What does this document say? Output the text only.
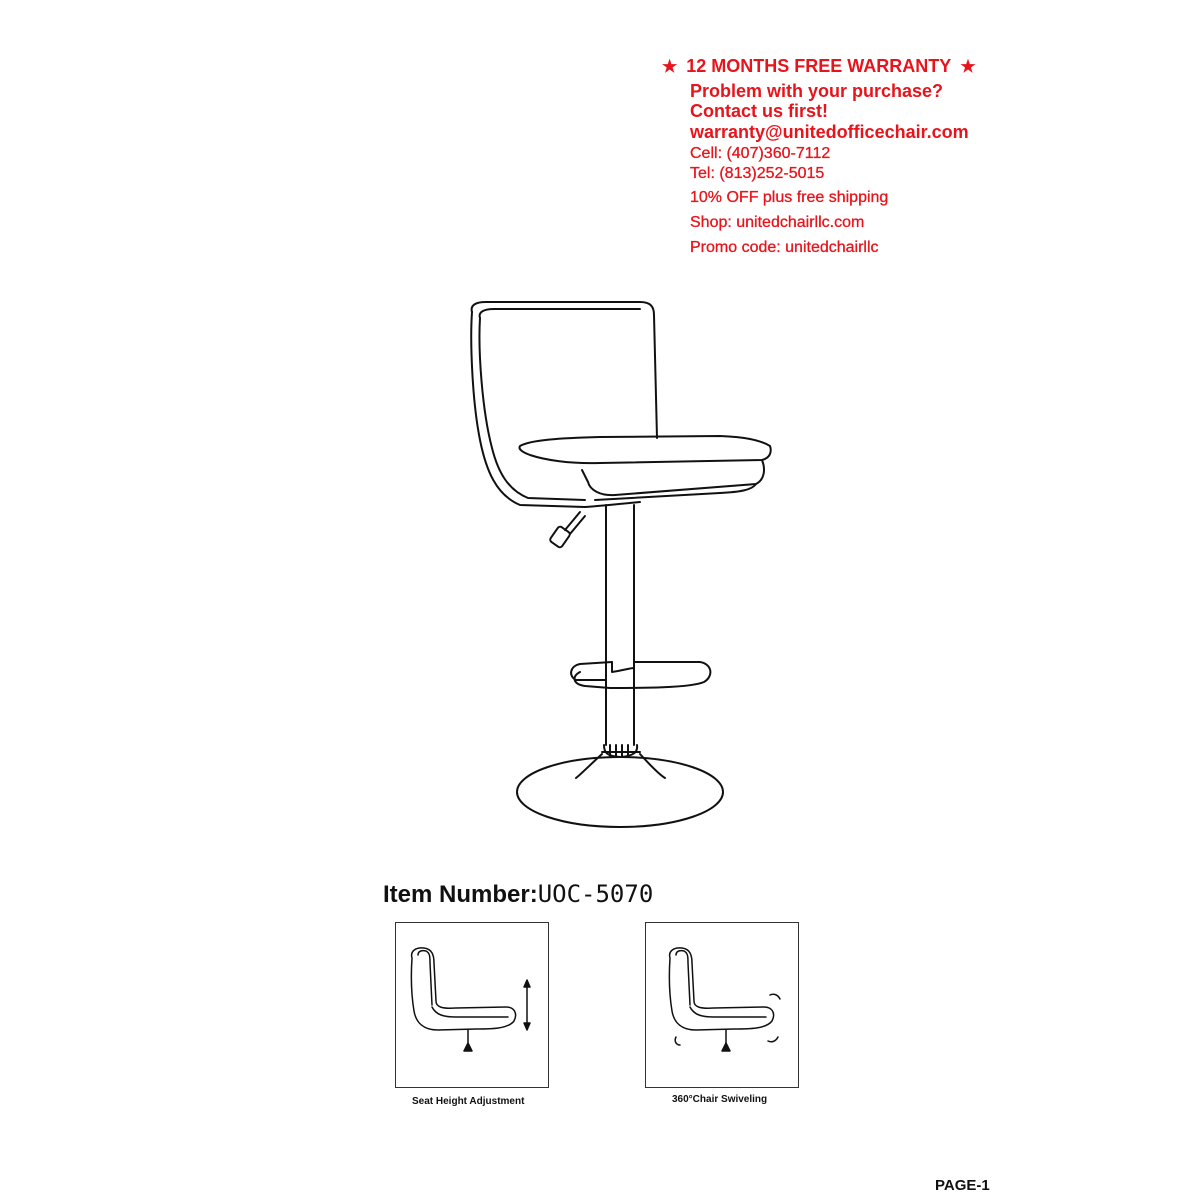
★ 12 MONTHS FREE WARRANTY ★
Problem with your purchase?
Contact us first!
warranty@unitedofficechair.com
Cell: (407)360-7112
Tel: (813)252-5015
10% OFF plus free shipping
Shop: unitedchairllc.com
Promo code: unitedchairllc
Item Number:UOC-5070
Seat Height Adjustment	360°Chair Swiveling
PAGE-1
